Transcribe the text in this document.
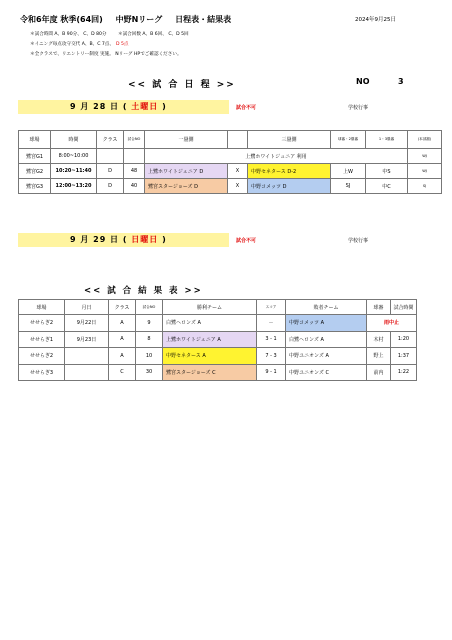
令和6年度 秋季(64回) 中野Nリーグ 日程表・結果表	2024年9月25日
＊試合時間 A、B 90分、 C、D 80分 ＊試合回数 A、B 6回、 C、D 5回
＊イニング毎点攻守交代 A、B、C 7点、 D 5点
＊全クラスで、リエントリー制度 実施。 Nリーグ HPでご確認ください。
<< 試 合 日 程 >>	NO	3
9 月 28 日 ( 土曜日 )	試合不可	学校行事
球場	時間	クラス	試合NO	一塁側		三塁側	球審・2塁審	1・3塁審	(本部割)
鷺宮G1	8:00~10:00			上鷺ホワイトジュニア 利用					WJ
鷺宮G2	10:20~11:40	D	48	上鷺ホワイトジュニア D	X	中野セネタース D-2	上W	中S	WJ
鷺宮G3	12:00~13:20	D	40	鷺宮スタージョーズ D	X	中野コメッツ D	SJ	中C	SJ
9 月 29 日 ( 日曜日 )	試合不可	学校行事
<< 試 合 結 果 表 >>
球場	月日	クラス	試合NO	勝利チーム	スコア	敗者チーム	球審	試合時間
せせらぎ2	9月22日	A	9	白鷺ヘロンズ A	－	中野コメッツ A	雨中止	
せせらぎ1	9月23日	A	8	上鷺ホワイトジュニア A	3 - 1	白鷺ヘロンズ A	木村	1:20
せせらぎ2		A	10	中野セネタース A	7 - 3	中野ユニオンズ A	野上	1:37
せせらぎ3		C	30	鷺宮スタージョーズ C	9 - 1	中野ユニオンズ C	前内	1:22
